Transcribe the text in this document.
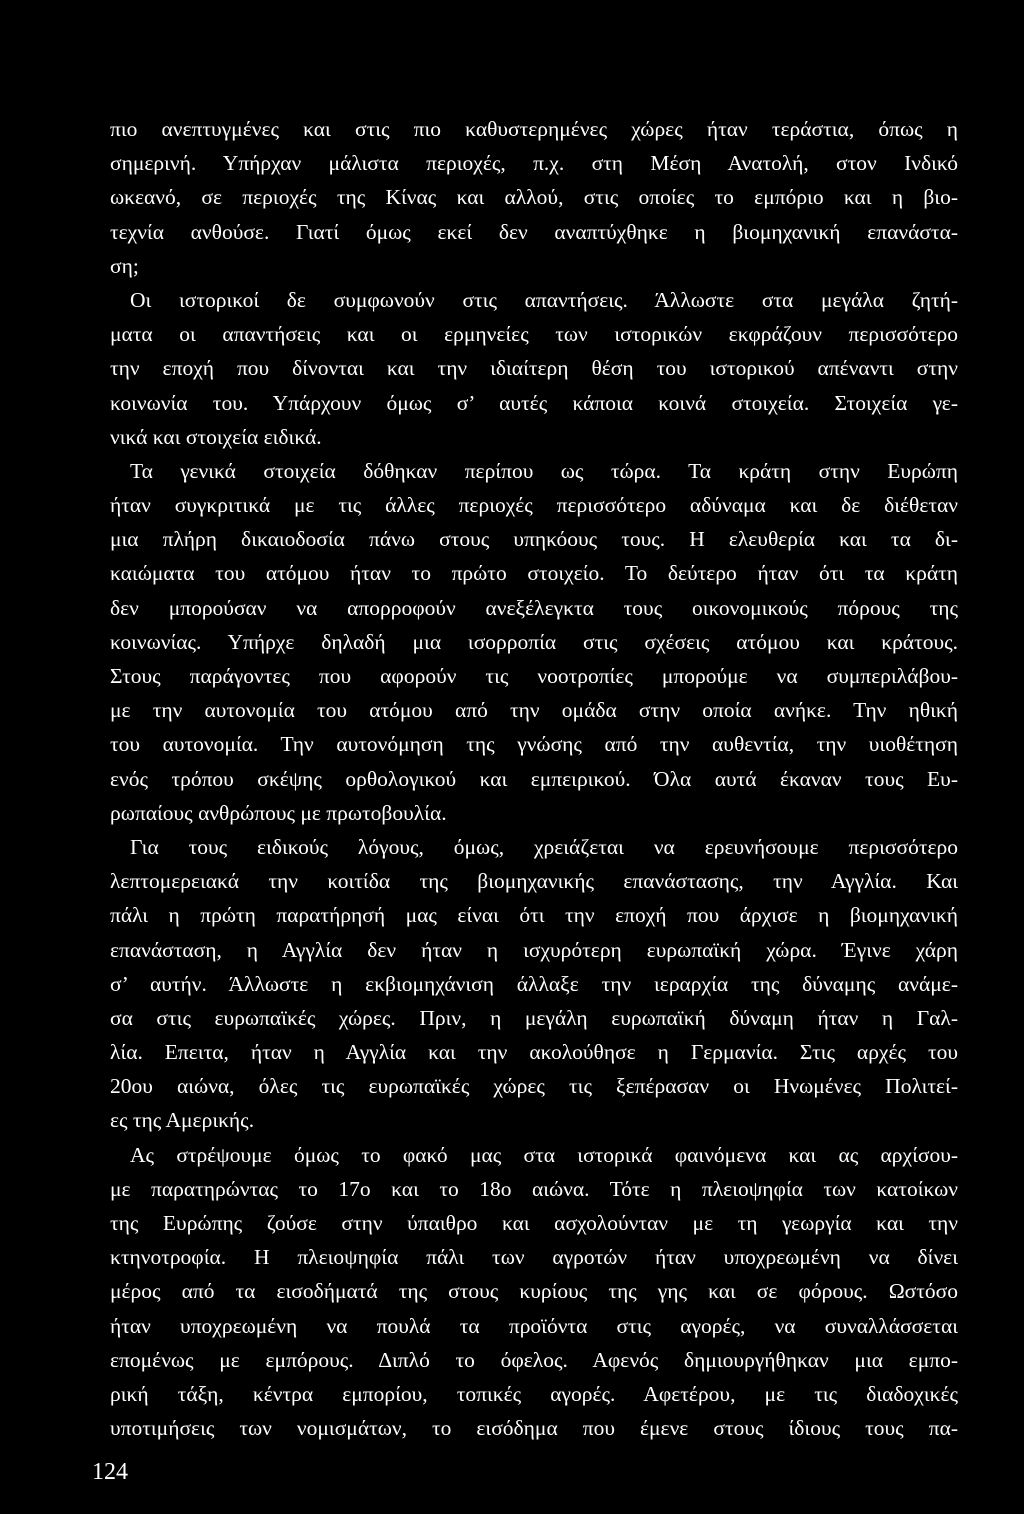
πιο ανεπτυγμένες και στις πιο καθυστερημένες χώρες ήταν τεράστια, όπως η
σημερινή. Υπήρχαν μάλιστα περιοχές, π.χ. στη Μέση Ανατολή, στον Ινδικό
ωκεανό, σε περιοχές της Κίνας και αλλού, στις οποίες το εμπόριο και η βιο-
τεχνία ανθούσε. Γιατί όμως εκεί δεν αναπτύχθηκε η βιομηχανική επανάστα-
ση;
Οι ιστορικοί δε συμφωνούν στις απαντήσεις. Άλλωστε στα μεγάλα ζητή-
ματα οι απαντήσεις και οι ερμηνείες των ιστορικών εκφράζουν περισσότερο
την εποχή που δίνονται και την ιδιαίτερη θέση του ιστορικού απέναντι στην
κοινωνία του. Υπάρχουν όμως σ’ αυτές κάποια κοινά στοιχεία. Στοιχεία γε-
νικά και στοιχεία ειδικά.
Τα γενικά στοιχεία δόθηκαν περίπου ως τώρα. Τα κράτη στην Ευρώπη
ήταν συγκριτικά με τις άλλες περιοχές περισσότερο αδύναμα και δε διέθεταν
μια πλήρη δικαιοδοσία πάνω στους υπηκόους τους. Η ελευθερία και τα δι-
καιώματα του ατόμου ήταν το πρώτο στοιχείο. Το δεύτερο ήταν ότι τα κράτη
δεν μπορούσαν να απορροφούν ανεξέλεγκτα τους οικονομικούς πόρους της
κοινωνίας. Υπήρχε δηλαδή μια ισορροπία στις σχέσεις ατόμου και κράτους.
Στους παράγοντες που αφορούν τις νοοτροπίες μπορούμε να συμπεριλάβου-
με την αυτονομία του ατόμου από την ομάδα στην οποία ανήκε. Την ηθική
του αυτονομία. Την αυτονόμηση της γνώσης από την αυθεντία, την υιοθέτηση
ενός τρόπου σκέψης ορθολογικού και εμπειρικού. Όλα αυτά έκαναν τους Ευ-
ρωπαίους ανθρώπους με πρωτοβουλία.
Για τους ειδικούς λόγους, όμως, χρειάζεται να ερευνήσουμε περισσότερο
λεπτομερειακά την κοιτίδα της βιομηχανικής επανάστασης, την Αγγλία. Και
πάλι η πρώτη παρατήρησή μας είναι ότι την εποχή που άρχισε η βιομηχανική
επανάσταση, η Αγγλία δεν ήταν η ισχυρότερη ευρωπαϊκή χώρα. Έγινε χάρη
σ’ αυτήν. Άλλωστε η εκβιομηχάνιση άλλαξε την ιεραρχία της δύναμης ανάμε-
σα στις ευρωπαϊκές χώρες. Πριν, η μεγάλη ευρωπαϊκή δύναμη ήταν η Γαλ-
λία. Επειτα, ήταν η Αγγλία και την ακολούθησε η Γερμανία. Στις αρχές του
20ου αιώνα, όλες τις ευρωπαϊκές χώρες τις ξεπέρασαν οι Ηνωμένες Πολιτεί-
ες της Αμερικής.
Ας στρέψουμε όμως το φακό μας στα ιστορικά φαινόμενα και ας αρχίσου-
με παρατηρώντας το 17ο και το 18ο αιώνα. Τότε η πλειοψηφία των κατοίκων
της Ευρώπης ζούσε στην ύπαιθρο και ασχολούνταν με τη γεωργία και την
κτηνοτροφία. Η πλειοψηφία πάλι των αγροτών ήταν υποχρεωμένη να δίνει
μέρος από τα εισοδήματά της στους κυρίους της γης και σε φόρους. Ωστόσο
ήταν υποχρεωμένη να πουλά τα προϊόντα στις αγορές, να συναλλάσσεται
επομένως με εμπόρους. Διπλό το όφελος. Αφενός δημιουργήθηκαν μια εμπο-
ρική τάξη, κέντρα εμπορίου, τοπικές αγορές. Αφετέρου, με τις διαδοχικές
υποτιμήσεις των νομισμάτων, το εισόδημα που έμενε στους ίδιους τους πα-
124
